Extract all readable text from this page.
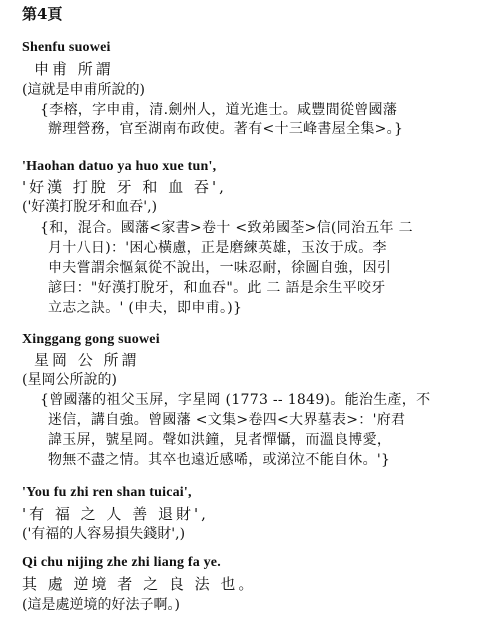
第4頁
Shenfu suowei
申甫 所謂
(這就是申甫所說的)
{李榕，字申甫，清.劍州人，道光進士。咸豐間從曾國藩
辦理營務，官至湖南布政使。著有<十三峰書屋全集>。}
'Haohan datuo ya huo xue tun',
'好漢 打脫 牙 和 血 吞',
('好漢打脫牙和血吞',)
{和，混合。國藩<家書>卷十 <致弟國荃>信(同治五年 二
月十八日)：'困心橫慮，正是磨練英雄，玉汝于成。李
申夫嘗謂余慪氣從不說出，一味忍耐，徐圖自強，因引
諺曰："好漢打脫牙，和血吞"。此 二 語是余生平咬牙
立志之訣。' (申夫，即申甫。)}
Xinggang gong suowei
星岡 公 所謂
(星岡公所說的)
{曾國藩的祖父玉屏，字星岡 (1773 -- 1849)。能治生產，不
迷信，講自強。曾國藩 <文集>卷四<大界墓表>：'府君
諱玉屏，號星岡。聲如洪鐘，見者憚懾，而溫良博愛，
物無不盡之情。其卒也遠近感唏，或涕泣不能自休。'}
'You fu zhi ren shan tuicai',
'有 福 之 人 善 退財',
('有福的人容易損失錢財',)
Qi chu nijing zhe zhi liang fa ye.
其 處 逆境 者 之 良 法 也。
(這是處逆境的好法子啊。)
